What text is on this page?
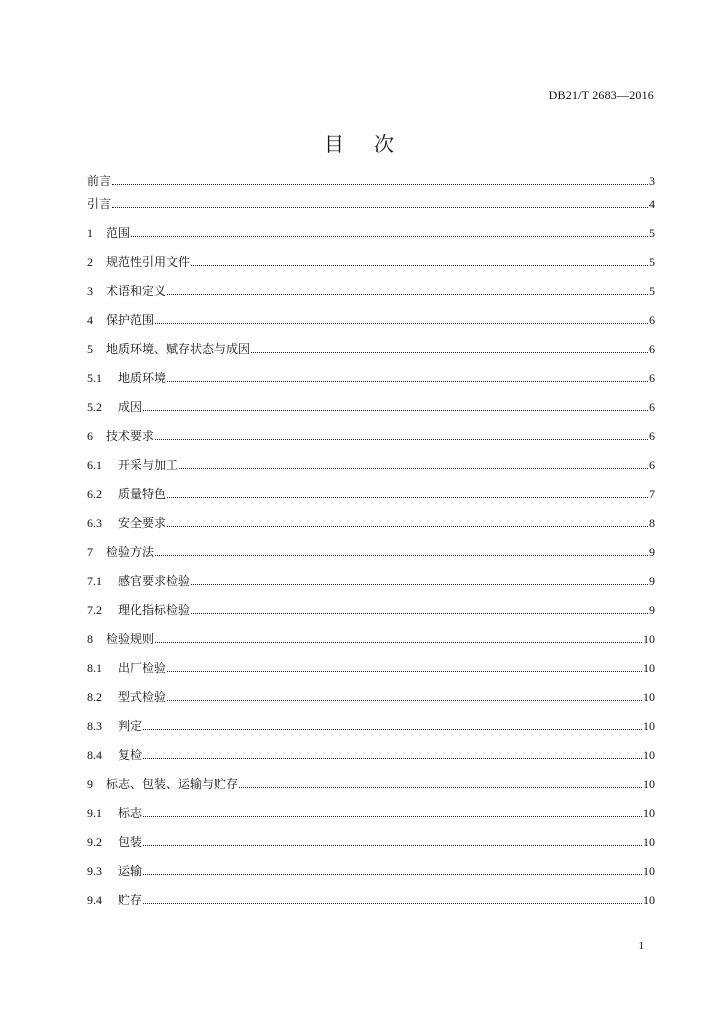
DB21/T 2683—2016
目 次
前言	3
引言	4
1	范围	5
2	规范性引用文件	5
3	术语和定义	5
4	保护范围	6
5	地质环境、赋存状态与成因	6
5.1	地质环境	6
5.2	成因	6
6	技术要求	6
6.1	开采与加工	6
6.2	质量特色	7
6.3	安全要求	8
7	检验方法	9
7.1	感官要求检验	9
7.2	理化指标检验	9
8	检验规则	10
8.1	出厂检验	10
8.2	型式检验	10
8.3	判定	10
8.4	复检	10
9	标志、包装、运输与贮存	10
9.1	标志	10
9.2	包装	10
9.3	运输	10
9.4	贮存	10
1
